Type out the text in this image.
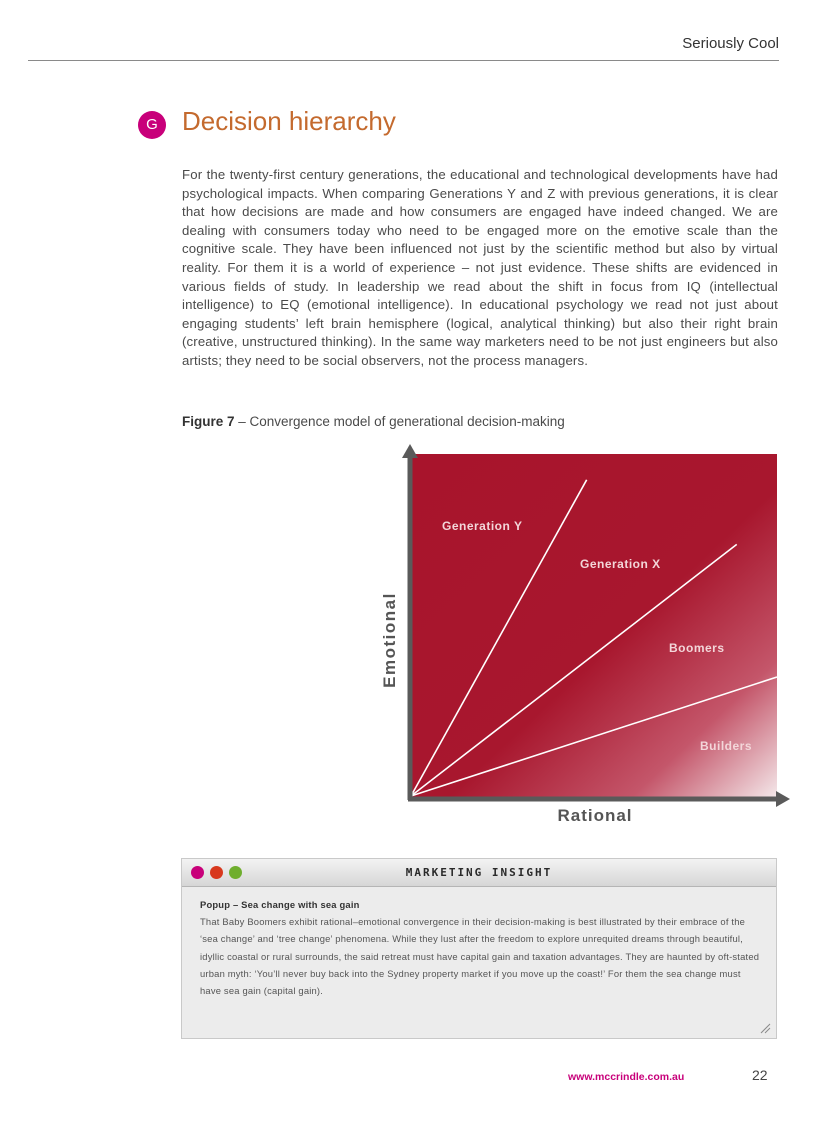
Seriously Cool
G Decision hierarchy

For the twenty-first century generations, the educational and technological developments have had psychological impacts. When comparing Generations Y and Z with previous generations, it is clear that how decisions are made and how consumers are engaged have indeed changed. We are dealing with consumers today who need to be engaged more on the emotive scale than the cognitive scale. They have been influenced not just by the scientific method but also by virtual reality. For them it is a world of experience – not just evidence. These shifts are evidenced in various fields of study. In leadership we read about the shift in focus from IQ (intellectual intelligence) to EQ (emotional intelligence). In educational psychology we read not just about engaging students’ left brain hemisphere (logical, analytical thinking) but also their right brain (creative, unstructured thinking). In the same way marketers need to be not just engineers but also artists; they need to be social observers, not the process managers.

Figure 7 – Convergence model of generational decision-making
Emotional
Rational
Generation Y
Generation X
Boomers
Builders
MARKETING INSIGHT
Popup – Sea change with sea gain
That Baby Boomers exhibit rational–emotional convergence in their decision-making is best illustrated by their embrace of the ‘sea change’ and ‘tree change’ phenomena. While they lust after the freedom to explore unrequited dreams through beautiful, idyllic coastal or rural surrounds, the said retreat must have capital gain and taxation advantages. They are haunted by oft-stated urban myth: ‘You’ll never buy back into the Sydney property market if you move up the coast!’ For them the sea change must have sea gain (capital gain).
www.mccrindle.com.au	22
